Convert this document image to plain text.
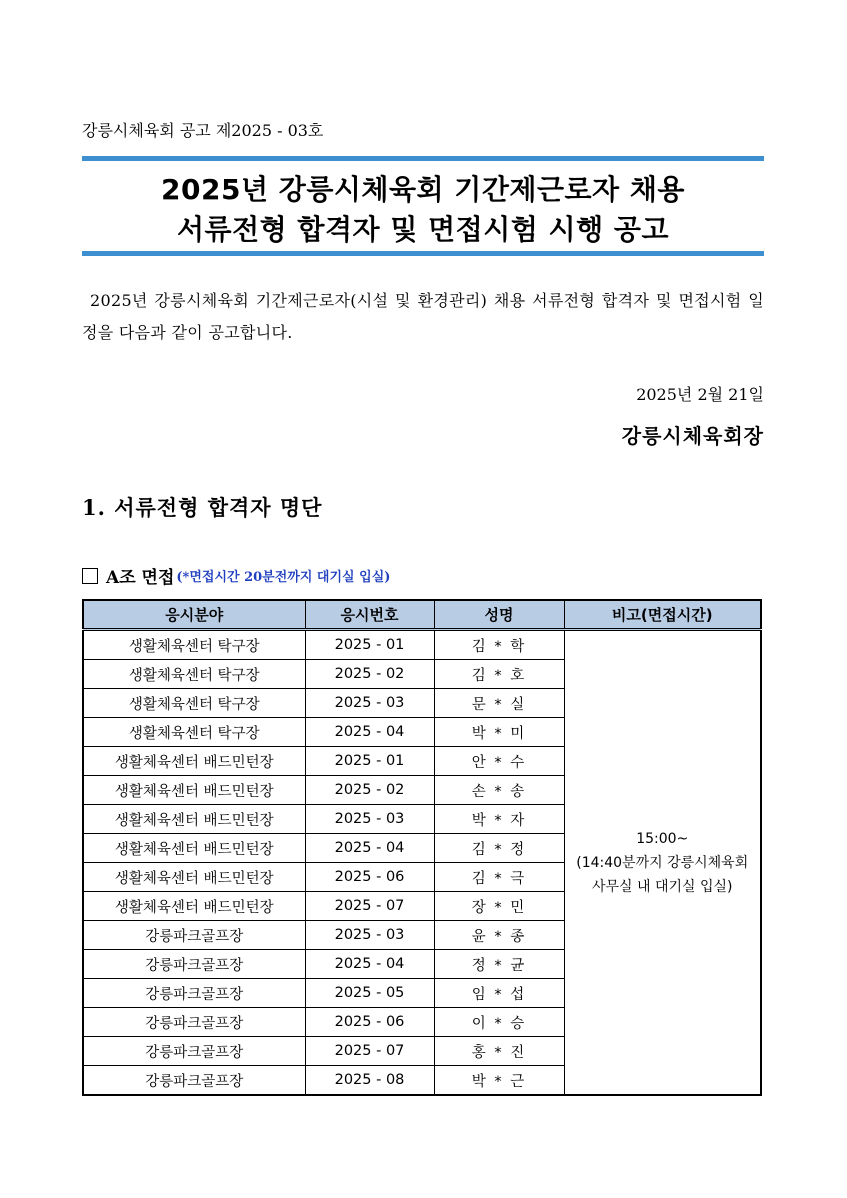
강릉시체육회 공고 제2025 - 03호
2025년 강릉시체육회 기간제근로자 채용
서류전형 합격자 및 면접시험 시행 공고
2025년 강릉시체육회 기간제근로자(시설 및 환경관리) 채용 서류전형 합격자 및 면접시험 일정을 다음과 같이 공고합니다.
2025년 2월 21일
강릉시체육회장
1. 서류전형 합격자 명단
A조 면접 (*면접시간 20분전까지 대기실 입실)
응시분야	응시번호	성명	비고(면접시간)
생활체육센터 탁구장	2025 - 01	김 * 학	15:00~
(14:40분까지 강릉시체육회
사무실 내 대기실 입실)

생활체육센터 탁구장	2025 - 02	김 * 호	
생활체육센터 탁구장	2025 - 03	문 * 실	
생활체육센터 탁구장	2025 - 04	박 * 미	
생활체육센터 배드민턴장	2025 - 01	안 * 수	
생활체육센터 배드민턴장	2025 - 02	손 * 송	
생활체육센터 배드민턴장	2025 - 03	박 * 자	
생활체육센터 배드민턴장	2025 - 04	김 * 정	
생활체육센터 배드민턴장	2025 - 06	김 * 극	
생활체육센터 배드민턴장	2025 - 07	장 * 민	
강릉파크골프장	2025 - 03	윤 * 종	
강릉파크골프장	2025 - 04	정 * 균	
강릉파크골프장	2025 - 05	임 * 섭	
강릉파크골프장	2025 - 06	이 * 승	
강릉파크골프장	2025 - 07	홍 * 진	
강릉파크골프장	2025 - 08	박 * 근	
